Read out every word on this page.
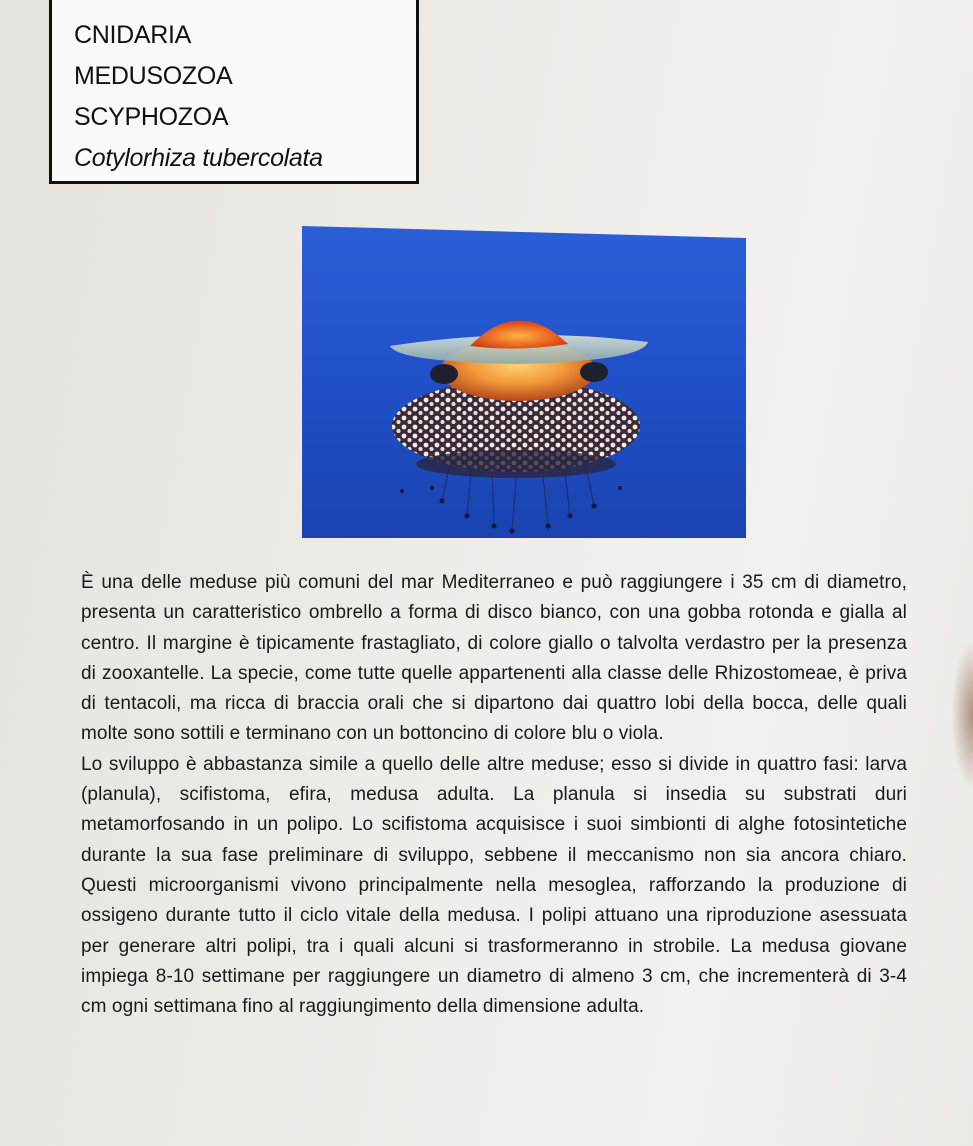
CNIDARIA
MEDUSOZOA
SCYPHOZOA
Cotylorhiza tubercolata

È una delle meduse più comuni del mar Mediterraneo e può raggiungere i 35 cm di diametro, presenta un caratteristico ombrello a forma di disco bianco, con una gobba rotonda e gialla al centro. Il margine è tipicamente frastagliato, di colore giallo o talvolta verdastro per la presenza di zooxantelle. La specie, come tutte quelle appartenenti alla classe delle Rhizostomeae, è priva di tentacoli, ma ricca di braccia orali che si dipartono dai quattro lobi della bocca, delle quali molte sono sottili e terminano con un bottoncino di colore blu o viola.

Lo sviluppo è abbastanza simile a quello delle altre meduse; esso si divide in quattro fasi: larva (planula), scifistoma, efira, medusa adulta. La planula si insedia su substrati duri metamorfosando in un polipo. Lo scifistoma acquisisce i suoi simbionti di alghe fotosintetiche durante la sua fase preliminare di sviluppo, sebbene il meccanismo non sia ancora chiaro. Questi microorganismi vivono principalmente nella mesoglea, rafforzando la produzione di ossigeno durante tutto il ciclo vitale della medusa. I polipi attuano una riproduzione asessuata per generare altri polipi, tra i quali alcuni si trasformeranno in strobile. La medusa giovane impiega 8-10 settimane per raggiungere un diametro di almeno 3 cm, che incrementerà di 3-4 cm ogni settimana fino al raggiungimento della dimensione adulta.
